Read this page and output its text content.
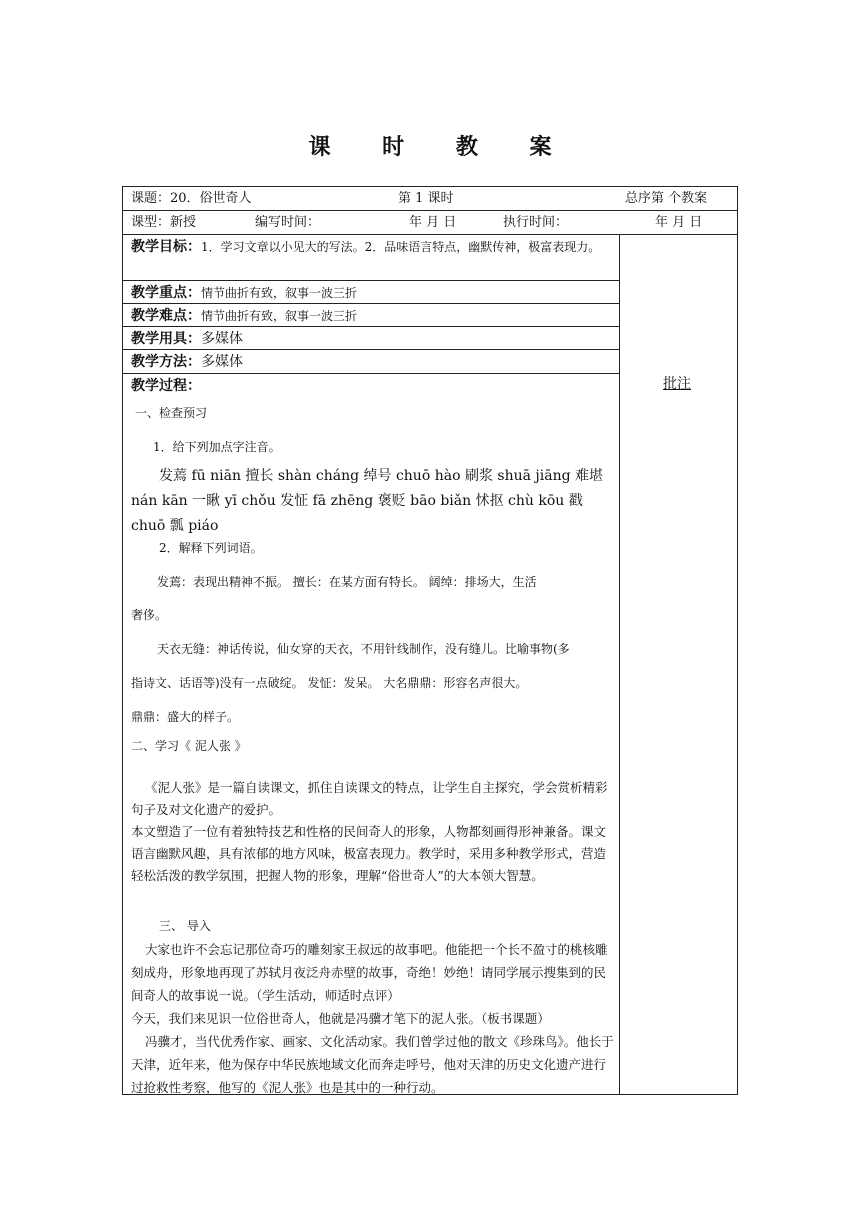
课 时 教 案
课题：20．俗世奇人	第 1 课时	总序第 个教案
课型：新授	编写时间：	年 月 日	执行时间：	年 月 日
教学目标：1．学习文章以小见大的写法。2．品味语言特点，幽默传神，极富表现力。
教学重点：情节曲折有致，叙事一波三折
教学难点：情节曲折有致，叙事一波三折
教学用具：多媒体
教学方法：多媒体
批注
教学过程：
一、检查预习
1．给下列加点字注音。
发蔫 fū niān 擅长 shàn cháng 绰号 chuō hào 刷浆 shuā jiāng 难堪 nán kān 一瞅 yī chǒu 发怔 fā zhēng 褒贬 bāo biǎn 怵抠 chù kōu 戳 chuō 瓢 piáo
2．解释下列词语。
发蔫：表现出精神不振。 擅长：在某方面有特长。 阔绰：排场大，生活
奢侈。
天衣无缝：神话传说，仙女穿的天衣，不用针线制作，没有缝儿。比喻事物(多
指诗文、话语等)没有一点破绽。 发怔：发呆。 大名鼎鼎：形容名声很大。
鼎鼎：盛大的样子。
二、学习《 泥人张 》
《泥人张》是一篇自读课文，抓住自读课文的特点，让学生自主探究，学会赏析精彩句子及对文化遗产的爱护。
本文塑造了一位有着独特技艺和性格的民间奇人的形象，人物都刻画得形神兼备。课文语言幽默风趣，具有浓郁的地方风味，极富表现力。教学时，采用多种教学形式，营造轻松活泼的教学氛围，把握人物的形象，理解“俗世奇人”的大本领大智慧。
三、 导入
大家也许不会忘记那位奇巧的雕刻家王叔远的故事吧。他能把一个长不盈寸的桃核雕刻成舟，形象地再现了苏轼月夜泛舟赤壁的故事，奇绝！妙绝！请同学展示搜集到的民间奇人的故事说一说。（学生活动，师适时点评）
今天，我们来见识一位俗世奇人，他就是冯骥才笔下的泥人张。（板书课题）
冯骥才，当代优秀作家、画家、文化活动家。我们曾学过他的散文《珍珠鸟》。他长于天津，近年来，他为保存中华民族地域文化而奔走呼号，他对天津的历史文化遗产进行过抢救性考察，他写的《泥人张》也是其中的一种行动。
